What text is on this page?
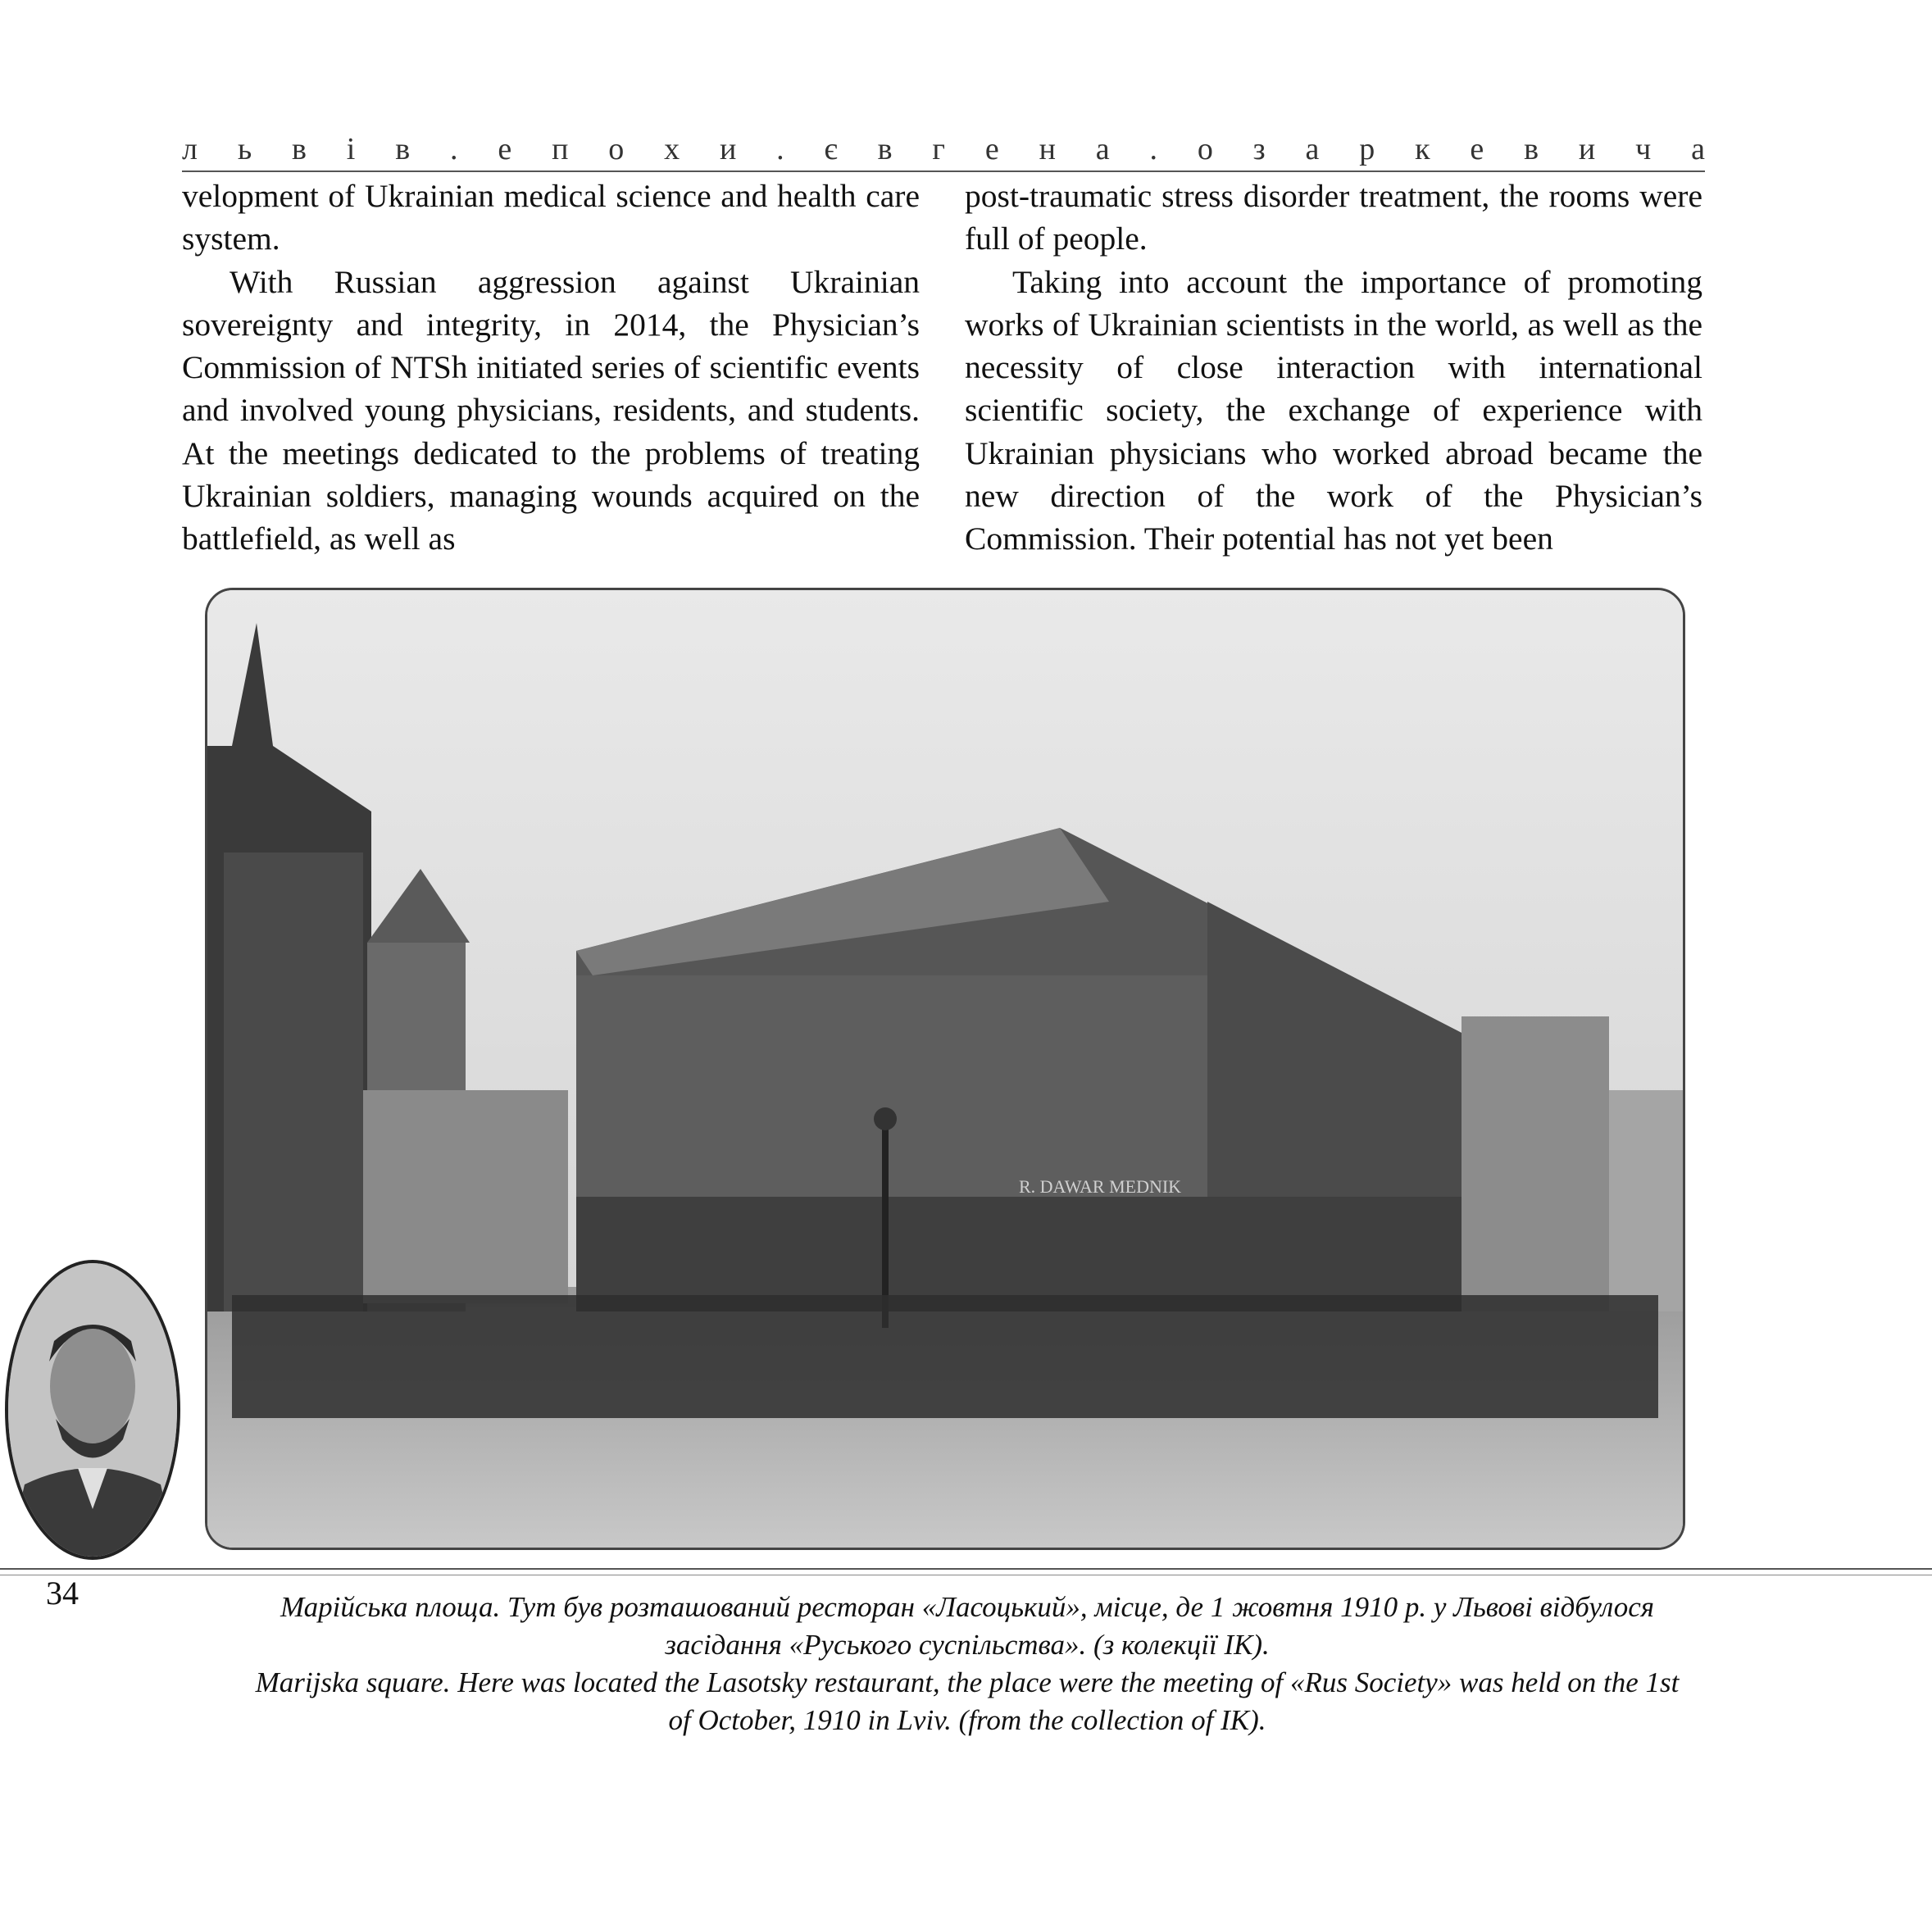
л ь в і в . е п о х и . є в г е н а . о з а р к е в и ч а

velopment of Ukrainian medical science and health care system.

With Russian aggression against Ukrainian sovereignty and integrity, in 2014, the Physician’s Commission of NTSh initiated series of scientific events and involved young physicians, residents, and students. At the meetings dedicated to the problems of treating Ukrainian soldiers, managing wounds acquired on the battlefield, as well as

post-traumatic stress disorder treatment, the rooms were full of people.

Taking into account the importance of promoting works of Ukrainian scientists in the world, as well as the necessity of close interaction with international scientific society, the exchange of experience with Ukrainian physicians who worked abroad became the new direction of the work of the Physician’s Commission. Their potential has not yet been

R. DAWAR MEDNIK
34	Марійська площа. Тут був розташований ресторан «Ласоцький», місце, де 1 жовтня 1910 р. у Львові відбулося

засідання «Руського суспільства». (з колекції ІК).

Marijska square. Here was located the Lasotsky restaurant, the place were the meeting of «Rus Society» was held on the 1st

of October, 1910 in Lviv. (from the collection of IK).
